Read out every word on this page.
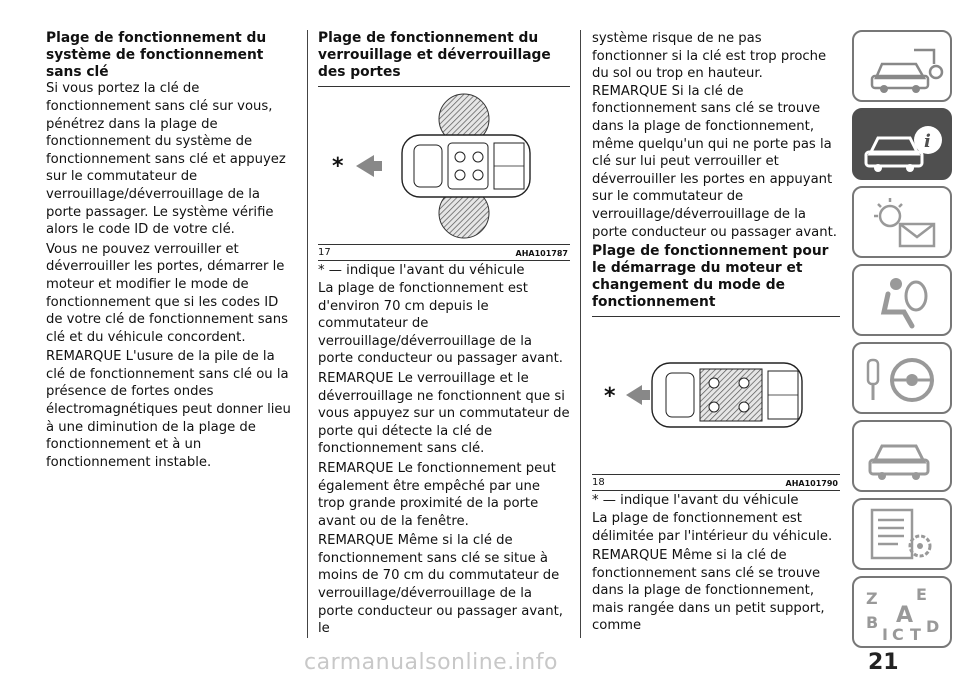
Plage de fonctionnement du système de fonctionnement sans clé

Si vous portez la clé de fonctionnement sans clé sur vous, pénétrez dans la plage de fonctionnement du système de fonctionnement sans clé et appuyez sur le commutateur de verrouillage/déverrouillage de la porte passager. Le système vérifie alors le code ID de votre clé.

Vous ne pouvez verrouiller et déverrouiller les portes, démarrer le moteur et modifier le mode de fonctionnement que si les codes ID de votre clé de fonctionnement sans clé et du véhicule concordent.

REMARQUE L'usure de la pile de la clé de fonctionnement sans clé ou la présence de fortes ondes électromagnétiques peut donner lieu à une diminution de la plage de fonctionnement et à un fonctionnement instable.

Plage de fonctionnement du verrouillage et déverrouillage des portes
*
17	AHA101787

* — indique l'avant du véhicule

La plage de fonctionnement est d'environ 70 cm depuis le commutateur de verrouillage/déverrouillage de la porte conducteur ou passager avant.

REMARQUE Le verrouillage et le déverrouillage ne fonctionnent que si vous appuyez sur un commutateur de porte qui détecte la clé de fonctionnement sans clé.

REMARQUE Le fonctionnement peut également être empêché par une trop grande proximité de la porte avant ou de la fenêtre.

REMARQUE Même si la clé de fonctionnement sans clé se situe à moins de 70 cm du commutateur de verrouillage/déverrouillage de la porte conducteur ou passager avant, le

système risque de ne pas fonctionner si la clé est trop proche du sol ou trop en hauteur.

REMARQUE Si la clé de fonctionnement sans clé se trouve dans la plage de fonctionnement, même quelqu'un qui ne porte pas la clé sur lui peut verrouiller et déverrouiller les portes en appuyant sur le commutateur de verrouillage/déverrouillage de la porte conducteur ou passager avant.

Plage de fonctionnement pour le démarrage du moteur et changement du mode de fonctionnement
*
18	AHA101790

* — indique l'avant du véhicule

La plage de fonctionnement est délimitée par l'intérieur du véhicule.

REMARQUE Même si la clé de fonctionnement sans clé se trouve dans la plage de fonctionnement, mais rangée dans un petit support, comme

i
Z E
A
B
I C T D
21
carmanualsonline.info
